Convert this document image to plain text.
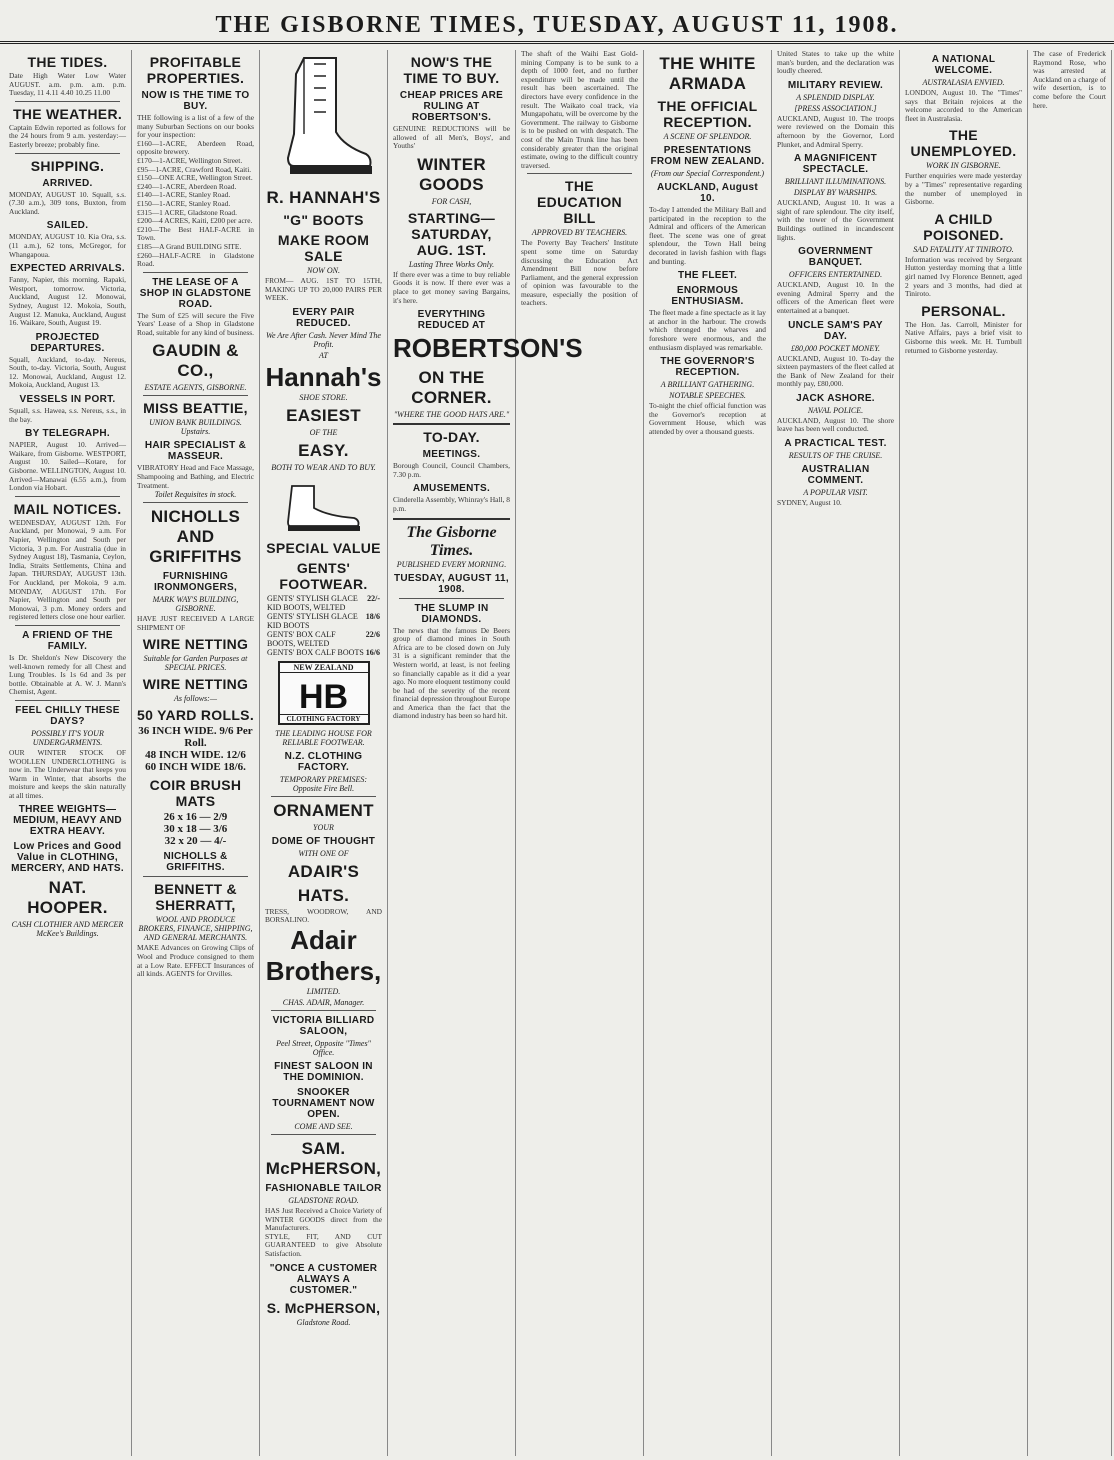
THE GISBORNE TIMES, TUESDAY, AUGUST 11, 1908.
THE TIDES.
Date High Water Low Water AUGUST. a.m. p.m. a.m. p.m. Tuesday, 11 4.11 4.40 10.25 11.00
THE WEATHER.
Captain Edwin reported as follows for the 24 hours from 9 a.m. yesterday:—Easterly breeze; probably fine.
SHIPPING.
ARRIVED.
MONDAY, AUGUST 10. Squall, s.s. (7.30 a.m.), 309 tons, Buxton, from Auckland.
SAILED.
MONDAY, AUGUST 10. Kia Ora, s.s. (11 a.m.), 62 tons, McGregor, for Whangapoua.
EXPECTED ARRIVALS.
Fanny, Napier, this morning. Rapaki, Westport, tomorrow. Victoria, Auckland, August 12. Monowai, Sydney, August 12. Mokoia, South, August 12. Manuka, Auckland, August 16. Waikare, South, August 19.
PROJECTED DEPARTURES.
Squall, Auckland, to-day. Nereus, South, to-day. Victoria, South, August 12. Monowai, Auckland, August 12. Mokoia, Auckland, August 13.
VESSELS IN PORT.
Squall, s.s. Hawea, s.s. Nereus, s.s., in the bay.
BY TELEGRAPH.
NAPIER, August 10. Arrived—Waikare, from Gisborne. WESTPORT, August 10. Sailed—Kotare, for Gisborne. WELLINGTON, August 10. Arrived—Manawai (6.55 a.m.), from London via Hobart.
MAIL NOTICES.
WEDNESDAY, AUGUST 12th. For Auckland, per Monowai, 9 a.m. For Napier, Wellington and South per Victoria, 3 p.m. For Australia (due in Sydney August 18), Tasmania, Ceylon, India, Straits Settlements, China and Japan. THURSDAY, AUGUST 13th. For Auckland, per Mokoia, 9 a.m. MONDAY, AUGUST 17th. For Napier, Wellington and South per Monowai, 3 p.m. Money orders and registered letters close one hour earlier.
A FRIEND OF THE FAMILY.
Is Dr. Sheldon's New Discovery the well-known remedy for all Chest and Lung Troubles. Is 1s 6d and 3s per bottle. Obtainable at A. W. J. Mann's Chemist, Agent.
FEEL CHILLY THESE DAYS?
POSSIBLY IT'S YOUR UNDERGARMENTS.
OUR WINTER STOCK OF WOOLLEN UNDERCLOTHING is now in. The Underwear that keeps you Warm in Winter, that absorbs the moisture and keeps the skin naturally at all times.
THREE WEIGHTS—MEDIUM, HEAVY AND EXTRA HEAVY.
Low Prices and Good Value in CLOTHING, MERCERY, AND HATS.
NAT. HOOPER.
CASH CLOTHIER AND MERCER McKee's Buildings.
PROFITABLE PROPERTIES.
NOW IS THE TIME TO BUY.
THE following is a list of a few of the many Suburban Sections on our books for your inspection:
£160—1-ACRE, Aberdeen Road, opposite brewery.
£170—1-ACRE, Wellington Street.
£95—1-ACRE, Crawford Road, Kaiti.
£150—ONE ACRE, Wellington Street.
£240—1-ACRE, Aberdeen Road.
£140—1-ACRE, Stanley Road.
£150—1-ACRE, Stanley Road.
£315—1 ACRE, Gladstone Road.
£200—4 ACRES, Kaiti, £200 per acre.
£210—The Best HALF-ACRE in Town.
£185—A Grand BUILDING SITE.
£260—HALF-ACRE in Gladstone Road.
THE LEASE OF A SHOP IN GLADSTONE ROAD.
The Sum of £25 will secure the Five Years' Lease of a Shop in Gladstone Road, suitable for any kind of business.
GAUDIN & CO.,
ESTATE AGENTS, GISBORNE.
MISS BEATTIE,
UNION BANK BUILDINGS. Upstairs.
HAIR SPECIALIST & MASSEUR.
VIBRATORY Head and Face Massage, Shampooing and Bathing, and Electric Treatment.
Toilet Requisites in stock.
NICHOLLS AND GRIFFITHS
FURNISHING IRONMONGERS,
MARK WAY'S BUILDING, GISBORNE.
HAVE JUST RECEIVED A LARGE SHIPMENT OF
WIRE NETTING
Suitable for Garden Purposes at SPECIAL PRICES.
WIRE NETTING
As follows:—
50 YARD ROLLS.
36 INCH WIDE. 9/6 Per Roll.
48 INCH WIDE. 12/6
60 INCH WIDE 18/6.
COIR BRUSH MATS
26 x 16 — 2/9
30 x 18 — 3/6
32 x 20 — 4/-
NICHOLLS & GRIFFITHS.
BENNETT & SHERRATT,
WOOL AND PRODUCE BROKERS, FINANCE, SHIPPING, AND GENERAL MERCHANTS.
MAKE Advances on Growing Clips of Wool and Produce consigned to them at a Low Rate. EFFECT Insurances of all kinds. AGENTS for Orvilles.
R. HANNAH'S
"G" BOOTS
MAKE ROOM SALE
NOW ON.
FROM— AUG. 1ST TO 15TH, MAKING UP TO 20,000 PAIRS PER WEEK.
EVERY PAIR REDUCED.
We Are After Cash. Never Mind The Profit.
AT
Hannah's
SHOE STORE.
EASIEST
OF THE
EASY.
BOTH TO WEAR AND TO BUY.
SPECIAL VALUE
GENTS' FOOTWEAR.
GENTS' STYLISH GLACE KID BOOTS, WELTED
22/-
GENTS' STYLISH GLACE KID BOOTS
18/6
GENTS' BOX CALF BOOTS, WELTED
22/6
GENTS' BOX CALF BOOTS 16/6
NEW ZEALAND
HB
CLOTHING FACTORY
THE LEADING HOUSE FOR RELIABLE FOOTWEAR.
N.Z. CLOTHING FACTORY.
TEMPORARY PREMISES: Opposite Fire Bell.
ORNAMENT
YOUR
DOME OF THOUGHT
WITH ONE OF
ADAIR'S
HATS.
TRESS, WOODROW, AND BORSALINO.
Adair Brothers,
LIMITED.
CHAS. ADAIR, Manager.
VICTORIA BILLIARD SALOON,
Peel Street, Opposite "Times" Office.
FINEST SALOON IN THE DOMINION.
SNOOKER TOURNAMENT NOW OPEN.
COME AND SEE.
SAM. McPHERSON,
FASHIONABLE TAILOR
GLADSTONE ROAD.
HAS Just Received a Choice Variety of WINTER GOODS direct from the Manufacturers.
STYLE, FIT, AND CUT GUARANTEED to give Absolute Satisfaction.
"ONCE A CUSTOMER ALWAYS A CUSTOMER."
S. McPHERSON,
Gladstone Road.
NOW'S THE TIME TO BUY.
CHEAP PRICES ARE RULING AT ROBERTSON'S.
GENUINE REDUCTIONS will be allowed of all Men's, Boys', and Youths'
WINTER GOODS
FOR CASH,
STARTING— SATURDAY, AUG. 1ST.
Lasting Three Works Only.
If there ever was a time to buy reliable Goods it is now. If there ever was a place to get money saving Bargains, it's here.
EVERYTHING REDUCED AT
ROBERTSON'S
ON THE CORNER.
"WHERE THE GOOD HATS ARE."
TO-DAY.
MEETINGS.
Borough Council, Council Chambers, 7.30 p.m.
AMUSEMENTS.
Cinderella Assembly, Whinray's Hall, 8 p.m.
The Gisborne Times.
PUBLISHED EVERY MORNING.
TUESDAY, AUGUST 11, 1908.
THE SLUMP IN DIAMONDS.
The news that the famous De Beers group of diamond mines in South Africa are to be closed down on July 31 is a significant reminder that the Western world, at least, is not feeling so financially capable as it did a year ago. No more eloquent testimony could be had of the severity of the recent financial depression throughout Europe and America than the fact that the diamond industry has been so hard hit.
The shaft of the Waihi East Gold-mining Company is to be sunk to a depth of 1000 feet, and no further expenditure will be made until the result has been ascertained. The directors have every confidence in the result. The Waikato coal track, via Mungapohatu, will be overcome by the Government. The railway to Gisborne is to be pushed on with despatch. The cost of the Main Trunk line has been considerably greater than the original estimate, owing to the difficult country traversed.
THE EDUCATION BILL
APPROVED BY TEACHERS.
The Poverty Bay Teachers' Institute spent some time on Saturday discussing the Education Act Amendment Bill now before Parliament, and the general expression of opinion was favourable to the measure, especially the position of teachers.
THE WHITE ARMADA
THE OFFICIAL RECEPTION.
A SCENE OF SPLENDOR.
PRESENTATIONS FROM NEW ZEALAND.
(From our Special Correspondent.)
AUCKLAND, August 10.
To-day I attended the Military Ball and participated in the reception to the Admiral and officers of the American fleet. The scene was one of great splendour, the Town Hall being decorated in lavish fashion with flags and bunting.
THE FLEET.
ENORMOUS ENTHUSIASM.
The fleet made a fine spectacle as it lay at anchor in the harbour. The crowds which thronged the wharves and foreshore were enormous, and the enthusiasm displayed was remarkable.
THE GOVERNOR'S RECEPTION.
A BRILLIANT GATHERING.
NOTABLE SPEECHES.
To-night the chief official function was the Governor's reception at Government House, which was attended by over a thousand guests.
United States to take up the white man's burden, and the declaration was loudly cheered.
MILITARY REVIEW.
A SPLENDID DISPLAY.
[PRESS ASSOCIATION.]
AUCKLAND, August 10. The troops were reviewed on the Domain this afternoon by the Governor, Lord Plunket, and Admiral Sperry.
A MAGNIFICENT SPECTACLE.
BRILLIANT ILLUMINATIONS.
DISPLAY BY WARSHIPS.
AUCKLAND, August 10. It was a sight of rare splendour. The city itself, with the tower of the Government Buildings outlined in incandescent lights.
GOVERNMENT BANQUET.
OFFICERS ENTERTAINED.
AUCKLAND, August 10. In the evening Admiral Sperry and the officers of the American fleet were entertained at a banquet.
UNCLE SAM'S PAY DAY.
£80,000 POCKET MONEY.
AUCKLAND, August 10. To-day the sixteen paymasters of the fleet called at the Bank of New Zealand for their monthly pay, £80,000.
JACK ASHORE.
NAVAL POLICE.
AUCKLAND, August 10. The shore leave has been well conducted.
A PRACTICAL TEST.
RESULTS OF THE CRUISE.
AUSTRALIAN COMMENT.
A POPULAR VISIT.
SYDNEY, August 10.
A NATIONAL WELCOME.
AUSTRALASIA ENVIED.
LONDON, August 10. The "Times" says that Britain rejoices at the welcome accorded to the American fleet in Australasia.
THE UNEMPLOYED.
WORK IN GISBORNE.
Further enquiries were made yesterday by a "Times" representative regarding the number of unemployed in Gisborne.
A CHILD POISONED.
SAD FATALITY AT TINIROTO.
Information was received by Sergeant Hutton yesterday morning that a little girl named Ivy Florence Bennett, aged 2 years and 3 months, had died at Tiniroto.
PERSONAL.
The Hon. Jas. Carroll, Minister for Native Affairs, pays a brief visit to Gisborne this week. Mr. H. Turnbull returned to Gisborne yesterday.
The case of Frederick Raymond Rose, who was arrested at Auckland on a charge of wife desertion, is to come before the Court here.
